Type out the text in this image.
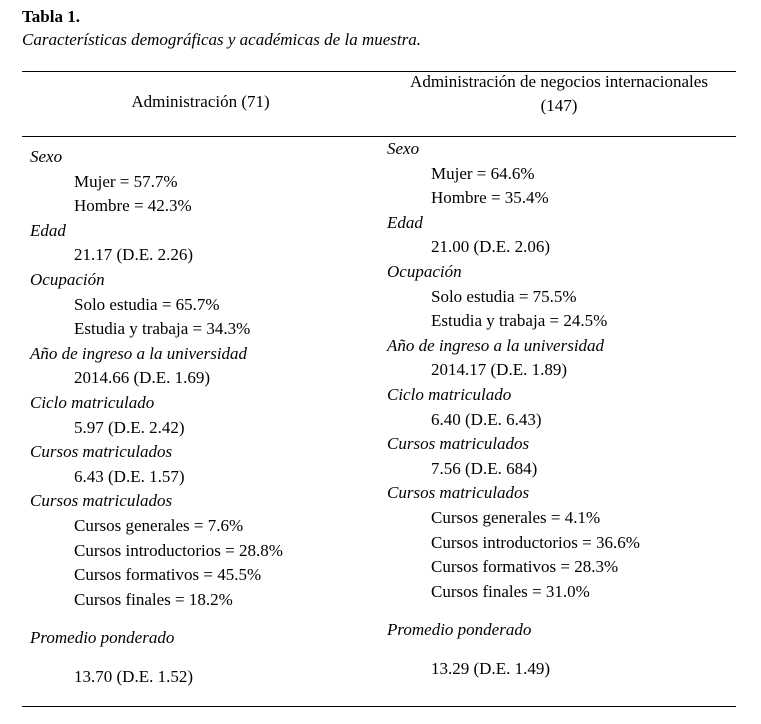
Tabla 1.
Características demográficas y académicas de la muestra.
Administración (71)
Administración de negocios internacionales
(147)
Sexo
Mujer = 57.7%
Hombre = 42.3%
Edad
21.17 (D.E. 2.26)
Ocupación
Solo estudia = 65.7%
Estudia y trabaja = 34.3%
Año de ingreso a la universidad
2014.66 (D.E. 1.69)
Ciclo matriculado
5.97 (D.E. 2.42)
Cursos matriculados
6.43 (D.E. 1.57)
Cursos matriculados
Cursos generales = 7.6%
Cursos introductorios = 28.8%
Cursos formativos = 45.5%
Cursos finales = 18.2%
Promedio ponderado
13.70 (D.E. 1.52)
Sexo
Mujer = 64.6%
Hombre = 35.4%
Edad
21.00 (D.E. 2.06)
Ocupación
Solo estudia = 75.5%
Estudia y trabaja = 24.5%
Año de ingreso a la universidad
2014.17 (D.E. 1.89)
Ciclo matriculado
6.40 (D.E. 6.43)
Cursos matriculados
7.56 (D.E. 684)
Cursos matriculados
Cursos generales = 4.1%
Cursos introductorios = 36.6%
Cursos formativos = 28.3%
Cursos finales = 31.0%
Promedio ponderado
13.29 (D.E. 1.49)
